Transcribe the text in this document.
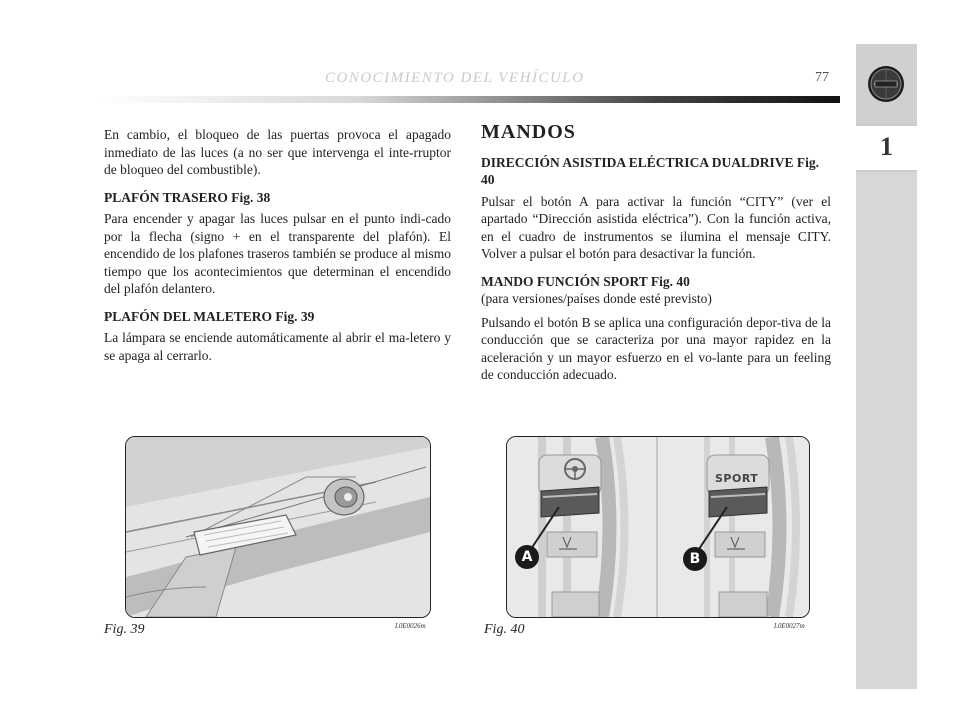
CONOCIMIENTO DEL VEHÍCULO	77
1

En cambio, el bloqueo de las puertas provoca el apagado inmediato de las luces (a no ser que intervenga el inte-rruptor de bloqueo del combustible).

PLAFÓN TRASERO Fig. 38

Para encender y apagar las luces pulsar en el punto indi-cado por la flecha (signo + en el transparente del plafón). El encendido de los plafones traseros también se produce al mismo tiempo que los acontecimientos que determinan el encendido del plafón delantero.

PLAFÓN DEL MALETERO Fig. 39

La lámpara se enciende automáticamente al abrir el ma-letero y se apaga al cerrarlo.

MANDOS
DIRECCIÓN ASISTIDA ELÉCTRICA DUALDRIVE Fig. 40

Pulsar el botón A para activar la función “CITY” (ver el apartado “Dirección asistida eléctrica”). Con la función activa, en el cuadro de instrumentos se ilumina el mensaje CITY. Volver a pulsar el botón para desactivar la función.

MANDO FUNCIÓN SPORT Fig. 40

(para versiones/países donde esté previsto)

Pulsando el botón B se aplica una configuración depor-tiva de la conducción que se caracteriza por una mayor rapidez en la aceleración y un mayor esfuerzo en el vo-lante para un feeling de conducción adecuado.

Fig. 39	L0E0026m
SPORT
A	B
Fig. 40	L0E0027m
